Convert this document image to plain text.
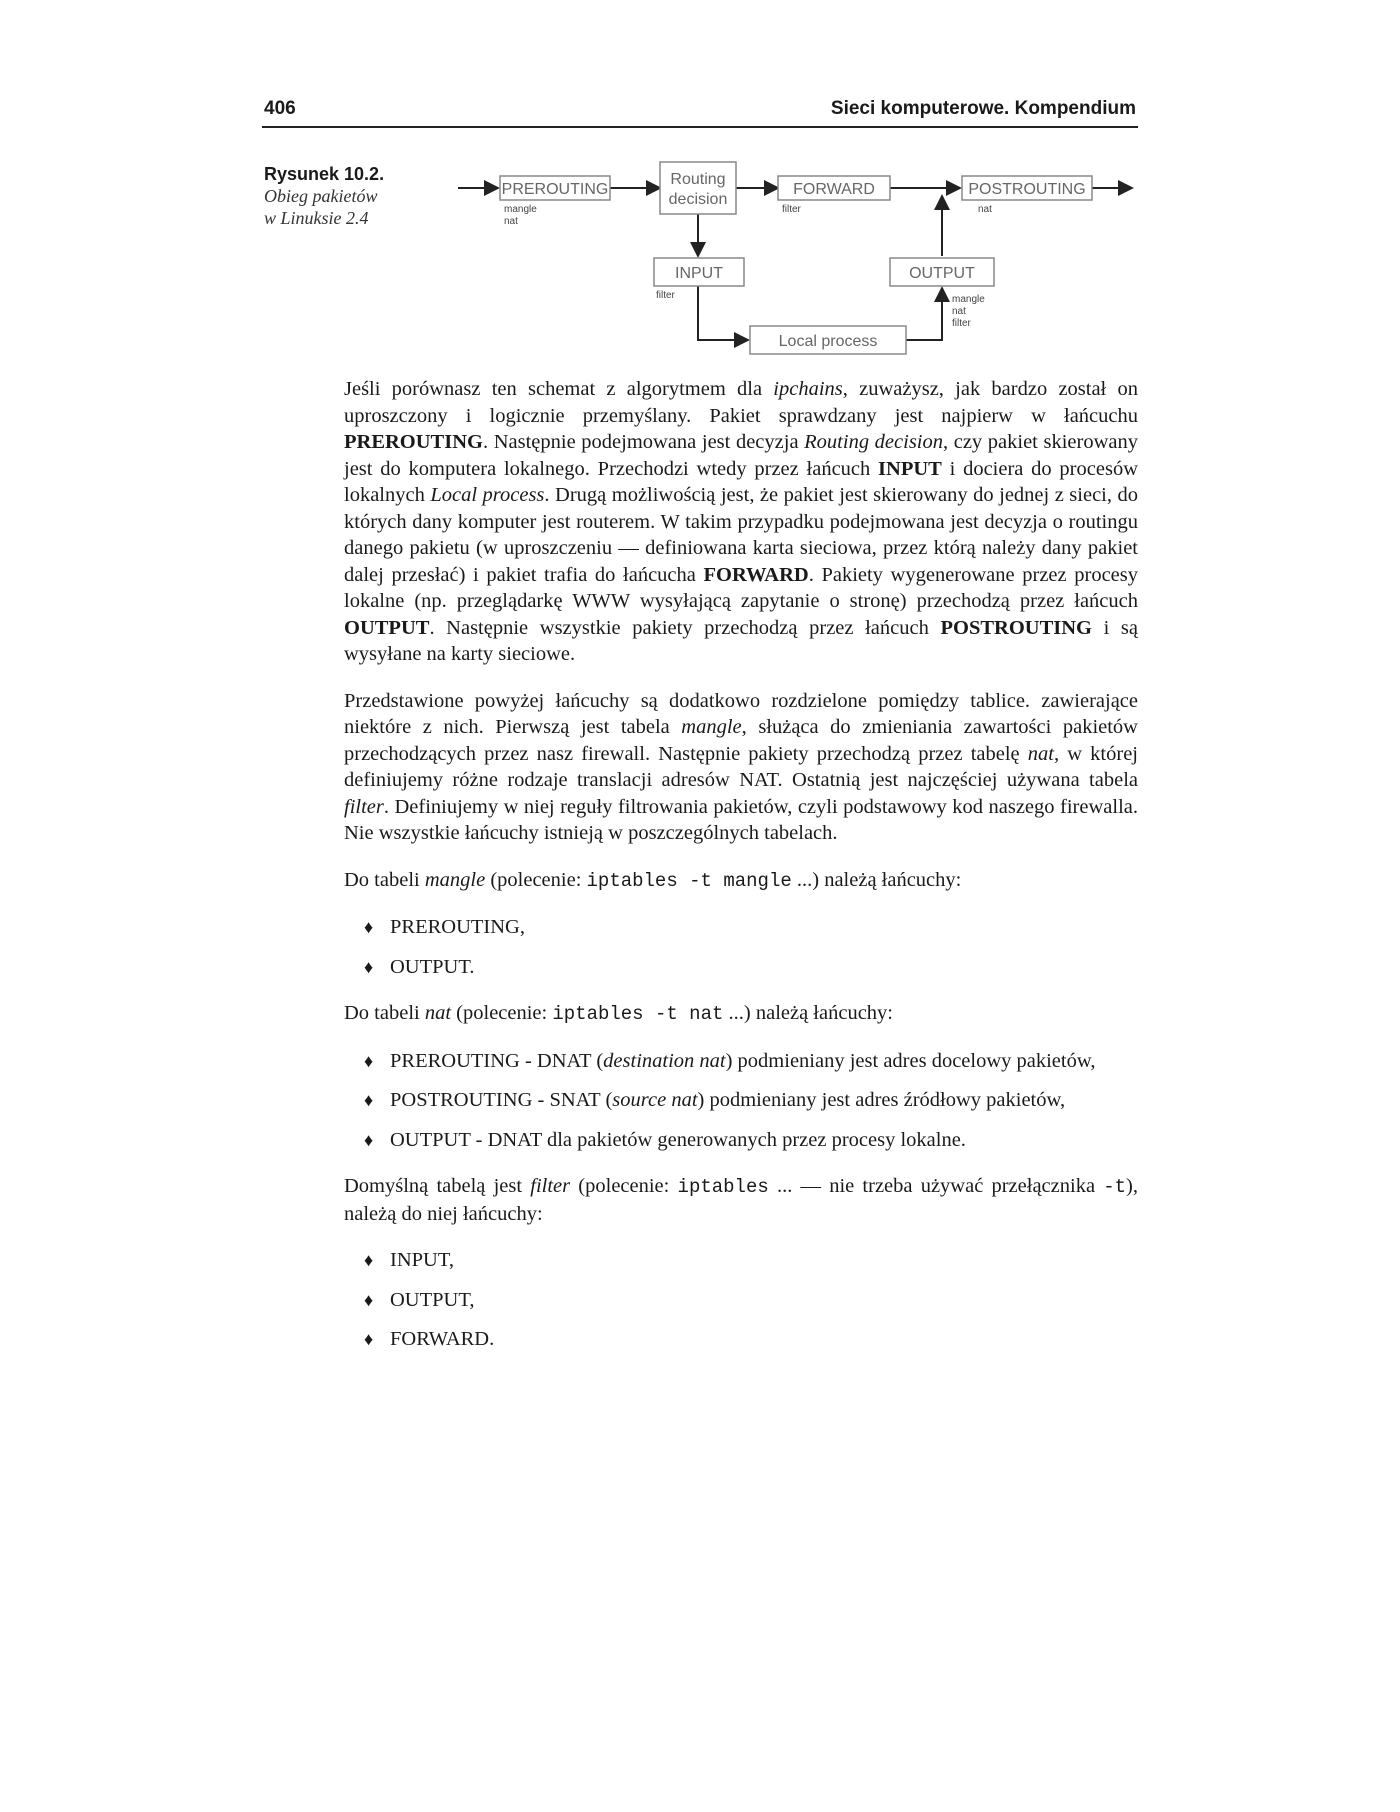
406	Sieci komputerowe. Kompendium
Rysunek 10.2.
Obieg pakietów
w Linuksie 2.4
PREROUTING
Routing
decision
FORWARD	POSTROUTING
INPUT	OUTPUT
Local process
mangle
nat
filter	nat
filter	mangle
nat
filter

Jeśli porównasz ten schemat z algorytmem dla ipchains, zuważysz, jak bardzo został on uproszczony i logicznie przemyślany. Pakiet sprawdzany jest najpierw w łańcuchu PREROUTING. Następnie podejmowana jest decyzja Routing decision, czy pakiet skierowany jest do komputera lokalnego. Przechodzi wtedy przez łańcuch INPUT i dociera do procesów lokalnych Local process. Drugą możliwością jest, że pakiet jest skierowany do jednej z sieci, do których dany komputer jest routerem. W takim przypadku podejmowana jest decyzja o routingu danego pakietu (w uproszczeniu — definiowana karta sieciowa, przez którą należy dany pakiet dalej przesłać) i pakiet trafia do łańcucha FORWARD. Pakiety wygenerowane przez procesy lokalne (np. przeglądarkę WWW wysyłającą zapytanie o stronę) przechodzą przez łańcuch OUTPUT. Następnie wszystkie pakiety przechodzą przez łańcuch POSTROUTING i są wysyłane na karty sieciowe.

Przedstawione powyżej łańcuchy są dodatkowo rozdzielone pomiędzy tablice. zawierające niektóre z nich. Pierwszą jest tabela mangle, służąca do zmieniania zawartości pakietów przechodzących przez nasz firewall. Następnie pakiety przechodzą przez tabelę nat, w której definiujemy różne rodzaje translacji adresów NAT. Ostatnią jest najczęściej używana tabela filter. Definiujemy w niej reguły filtrowania pakietów, czyli podstawowy kod naszego firewalla. Nie wszystkie łańcuchy istnieją w poszczególnych tabelach.

Do tabeli mangle (polecenie: iptables -t mangle ...) należą łańcuchy:

♦ PREROUTING,
♦ OUTPUT.

Do tabeli nat (polecenie: iptables -t nat ...) należą łańcuchy:

♦ PREROUTING - DNAT (destination nat) podmieniany jest adres docelowy pakietów,
♦ POSTROUTING - SNAT (source nat) podmieniany jest adres źródłowy pakietów,
♦ OUTPUT - DNAT dla pakietów generowanych przez procesy lokalne.

Domyślną tabelą jest filter (polecenie: iptables ... — nie trzeba używać przełącznika -t), należą do niej łańcuchy:

♦ INPUT,
♦ OUTPUT,
♦ FORWARD.
